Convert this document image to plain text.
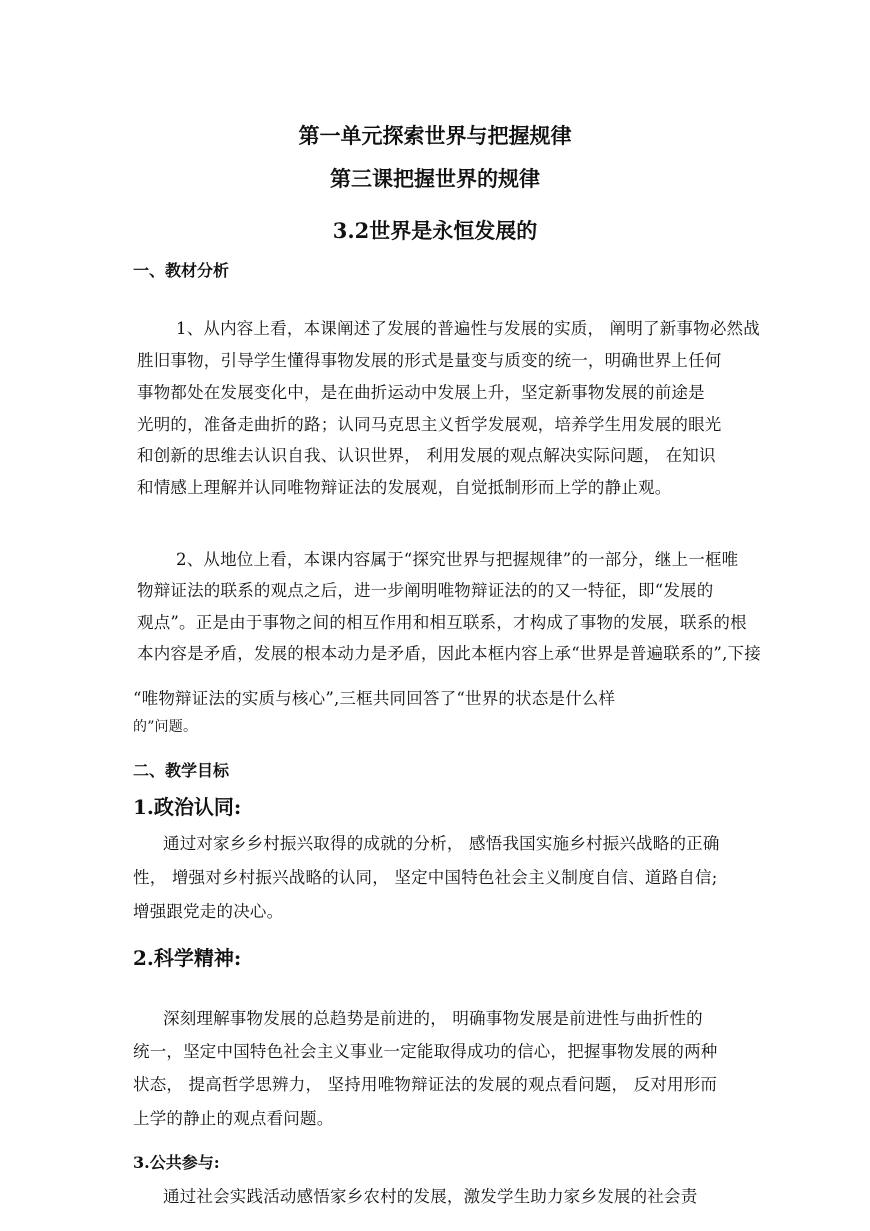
第一单元探索世界与把握规律
第三课把握世界的规律
3.2世界是永恒发展的
一、教材分析
1、从内容上看，本课阐述了发展的普遍性与发展的实质， 阐明了新事物必然战
胜旧事物，引导学生懂得事物发展的形式是量变与质变的统一，明确世界上任何
事物都处在发展变化中，是在曲折运动中发展上升，坚定新事物发展的前途是
光明的，准备走曲折的路；认同马克思主义哲学发展观，培养学生用发展的眼光
和创新的思维去认识自我、认识世界， 利用发展的观点解决实际问题， 在知识
和情感上理解并认同唯物辩证法的发展观，自觉抵制形而上学的静止观。
2、从地位上看，本课内容属于“探究世界与把握规律”的一部分，继上一框唯
物辩证法的联系的观点之后，进一步阐明唯物辩证法的的又一特征，即“发展的
观点”。正是由于事物之间的相互作用和相互联系，才构成了事物的发展，联系的根
本内容是矛盾，发展的根本动力是矛盾，因此本框内容上承“世界是普遍联系的”,下接
“唯物辩证法的实质与核心”,三框共同回答了“世界的状态是什么样
的”问题。
二、教学目标
1.政治认同:
通过对家乡乡村振兴取得的成就的分析， 感悟我国实施乡村振兴战略的正确
性， 增强对乡村振兴战略的认同， 坚定中国特色社会主义制度自信、道路自信;
增强跟党走的决心。
2.科学精神:
深刻理解事物发展的总趋势是前进的， 明确事物发展是前进性与曲折性的
统一，坚定中国特色社会主义事业一定能取得成功的信心，把握事物发展的两种
状态， 提高哲学思辨力， 坚持用唯物辩证法的发展的观点看问题， 反对用形而
上学的静止的观点看问题。
3.公共参与:
通过社会实践活动感悟家乡农村的发展，激发学生助力家乡发展的社会责
